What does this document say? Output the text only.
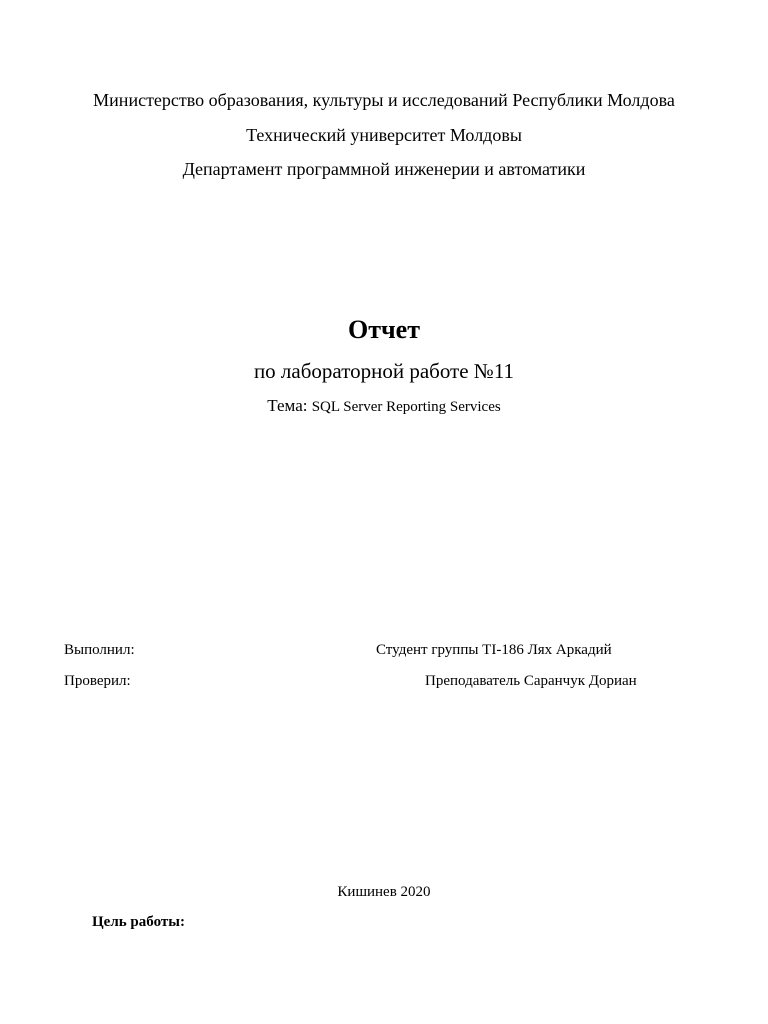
Министерство образования, культуры и исследований Республики Молдова
Технический университет Молдовы
Департамент программной инженерии и автоматики
Отчет
по лабораторной работе №11
Тема: SQL Server Reporting Services
Выполнил:	Студент группы TI-186 Лях Аркадий
Проверил:	Преподаватель Саранчук Дориан
Кишинев 2020
Цель работы:
